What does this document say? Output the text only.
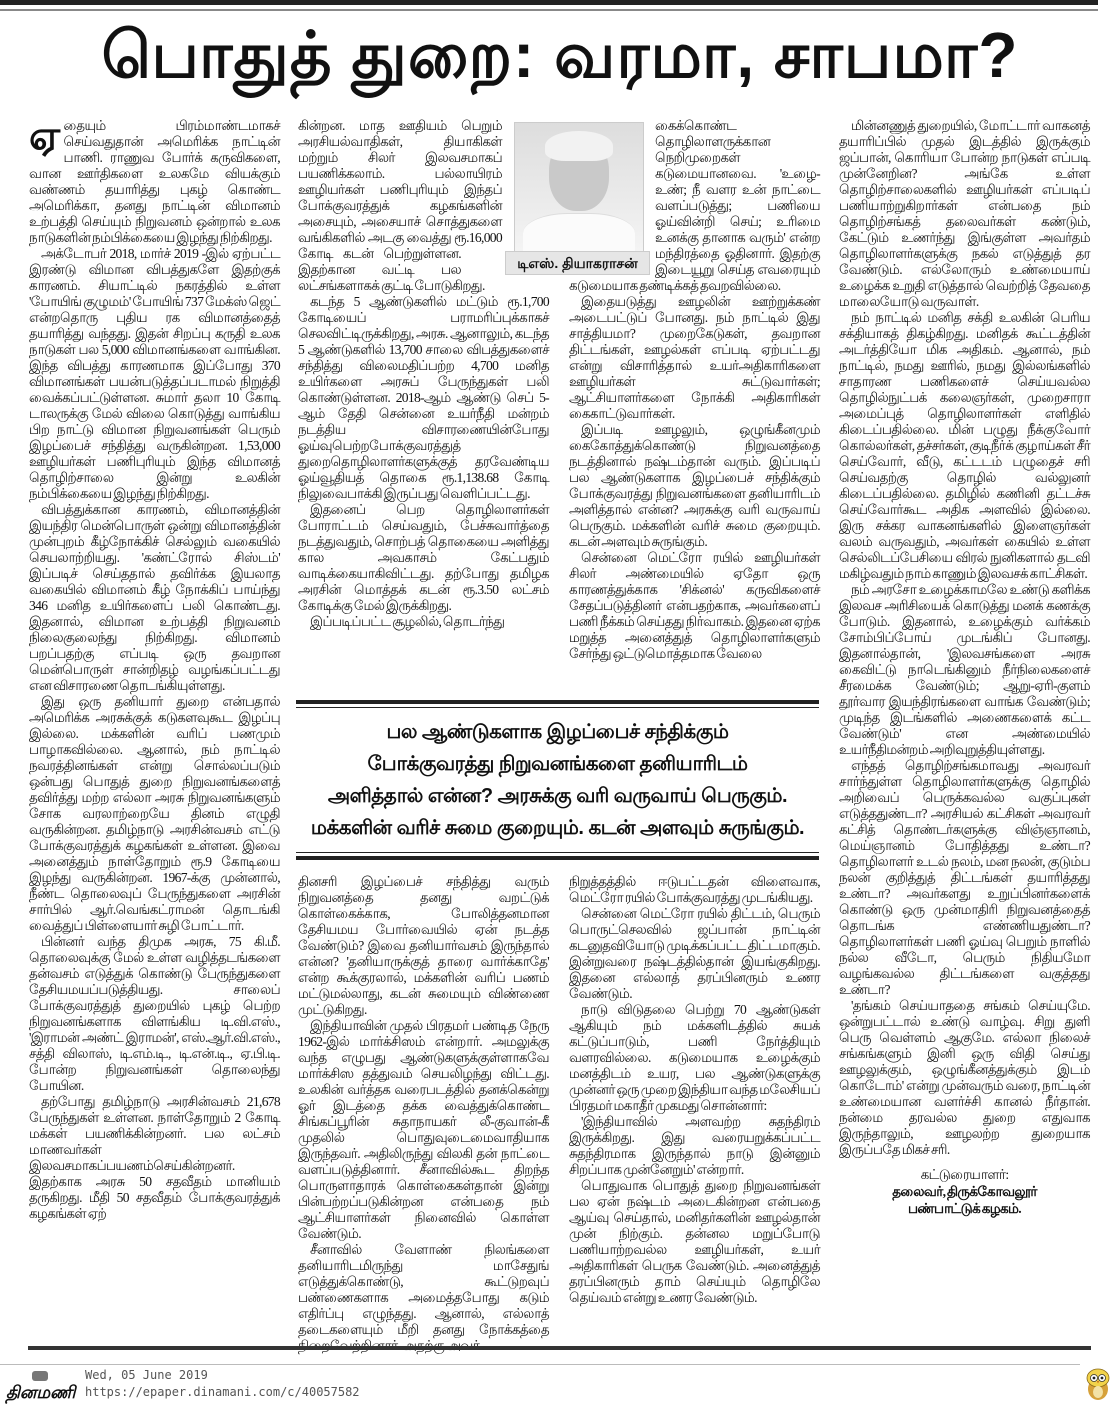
பொதுத் துறை: வரமா, சாபமா?

ஏதையும் பிரம்மாண்டமாகச் செய்வதுதான் அமெரிக்க நாட்டின் பாணி. ராணுவ போர்க் கருவிகளை, வான ஊர்திகளை உலகமே வியக்கும் வண்ணம் தயாரித்து புகழ் கொண்ட அமெரிக்கா, தனது நாட்டின் விமானம் உற்பத்தி செய்யும் நிறுவனம் ஒன்றால் உலக நாடுகளின் நம்பிக்கையை இழந்து நிற்கிறது.

அக்டோபர் 2018, மார்ச் 2019 -இல் ஏற்பட்ட இரண்டு விமான விபத்துகளே இதற்குக் காரணம். சியாட்டில் நகரத்தில் உள்ள 'போயிங் குழுமம்' போயிங் 737 மேக்ஸ் ஜெட் என்றதொரு புதிய ரக விமானத்தைத் தயாரித்து வந்தது. இதன் சிறப்பு கருதி உலக நாடுகள் பல 5,000 விமானங்களை வாங்கின. இந்த விபத்து காரணமாக இப்போது 370 விமானங்கள் பயன்படுத்தப்படாமல் நிறுத்தி வைக்கப்பட்டுள்ளன. சுமார் தலா 10 கோடி டாலருக்கு மேல் விலை கொடுத்து வாங்கிய பிற நாட்டு விமான நிறுவனங்கள் பெரும் இழப்பைச் சந்தித்து வருகின்றன. 1,53,000 ஊழியர்கள் பணிபுரியும் இந்த விமானத் தொழிற்சாலை இன்று உலகின் நம்பிக்கையை இழந்து நிற்கிறது.

விபத்துக்கான காரணம், விமானத்தின் இயந்திர மென்பொருள் ஒன்று விமானத்தின் முன்புறம் கீழ்நோக்கிச் செல்லும் வகையில் செயலாற்றியது. 'கண்ட்ரோல் சிஸ்டம்' இப்படிச் செய்ததால் தவிர்க்க இயலாத வகையில் விமானம் கீழ் நோக்கிப் பாய்ந்து 346 மனித உயிர்களைப் பலி கொண்டது. இதனால், விமான உற்பத்தி நிறுவனம் நிலைகுலைந்து நிற்கிறது. விமானம் பறப்பதற்கு எப்படி ஒரு தவறான மென்பொருள் சான்றிதழ் வழங்கப்பட்டது என விசாரணை தொடங்கியுள்ளது.

இது ஒரு தனியார் துறை என்பதால் அமெரிக்க அரசுக்குக் கடுகளவுகூட இழப்பு இல்லை. மக்களின் வரிப் பணமும் பாழாகவில்லை. ஆனால், நம் நாட்டில் நவரத்தினங்கள் என்று சொல்லப்படும் ஒன்பது பொதுத் துறை நிறுவனங்களைத் தவிர்த்து மற்ற எல்லா அரசு நிறுவனங்களும் சோக வரலாற்றையே தினம் எழுதி வருகின்றன. தமிழ்நாடு அரசின்வசம் எட்டு போக்குவரத்துக் கழகங்கள் உள்ளன. இவை அனைத்தும் நாள்தோறும் ரூ.9 கோடியை இழந்து வருகின்றன. 1967-க்கு முன்னால், நீண்ட தொலைவுப் பேருந்துகளை அரசின் சார்பில் ஆர்.வெங்கட்ராமன் தொடங்கி வைத்துப் பிள்ளையார் சுழி போட்டார்.

பின்னர் வந்த திமுக அரசு, 75 கி.மீ. தொலைவுக்கு மேல் உள்ள வழித்தடங்களை தன்வசம் எடுத்துக் கொண்டு பேருந்துகளை தேசியமயப்படுத்தியது. சாலைப் போக்குவரத்துத் துறையில் புகழ் பெற்ற நிறுவனங்களாக விளங்கிய டி.வி.எஸ்., 'இராமன் அண்ட் இராமன்', எஸ்.ஆர்.வி.எஸ்., சத்தி விலாஸ், டி.எம்.டி., டி.என்.டி., ஏ.பி.டி. போன்ற நிறுவனங்கள் தொலைந்து போயின.

தற்போது தமிழ்நாடு அரசின்வசம் 21,678 பேருந்துகள் உள்ளன. நாள்தோறும் 2 கோடி மக்கள் பயணிக்கின்றனர். பல லட்சம் மாணவர்கள் இலவசமாகப்பயணம்செய்கின்றனர். இதற்காக அரசு 50 சதவீதம் மானியம் தருகிறது. மீதி 50 சதவீதம் போக்குவரத்துக் கழகங்கள் ஏற்

கின்றன. மாத ஊதியம் பெறும் அரசியல்வாதிகள், தியாகிகள் மற்றும் சிலர் இலவசமாகப் பயணிக்கலாம். பல்லாயிரம் ஊழியர்கள் பணிபுரியும் இந்தப் போக்குவரத்துக் கழகங்களின் அசையும், அசையாச் சொத்துகளை வங்கிகளில் அடகு வைத்து ரூ.16,000 கோடி கடன் பெற்றுள்ளன. இதற்கான வட்டி பல லட்சங்களாகக் குட்டி போடுகிறது.

கடந்த 5 ஆண்டுகளில் மட்டும் ரூ.1,700 கோடியைப் பராமரிப்புக்காகச் செலவிட்டிருக்கிறது, அரசு. ஆனாலும், கடந்த 5 ஆண்டுகளில் 13,700 சாலை விபத்துகளைச் சந்தித்து விலைமதிப்பற்ற 4,700 மனித உயிர்களை அரசுப் பேருந்துகள் பலி கொண்டுள்ளன. 2018-ஆம் ஆண்டு செப் 5-ஆம் தேதி சென்னை உயர்நீதி மன்றம் நடத்திய விசாரணையின்போது ஓய்வுபெற்றபோக்குவரத்துத் துறைதொழிலாளர்களுக்குத் தரவேண்டிய ஓய்வூதியத் தொகை ரூ.1,138.68 கோடி நிலுவைபாக்கி இருப்பது வெளிப்பட்டது.

இதனைப் பெற தொழிலாளர்கள் போராட்டம் செய்வதும், பேச்சுவார்த்தை நடத்துவதும், சொற்பத் தொகையை அளித்து கால அவகாசம் கேட்பதும் வாடிக்கையாகிவிட்டது. தற்போது தமிழக அரசின் மொத்தக் கடன் ரூ.3.50 லட்சம் கோடிக்கு மேல் இருக்கிறது.

இப்படிப்பட்ட சூழலில், தொடர்ந்து

டிஎஸ். தியாகராசன்

கைக்கொண்ட தொழிலாளருக்கான நெறிமுறைகள் கடுமையானவை. 'உழை-உண்; நீ வளர உன் நாட்டை வளப்படுத்து; பணியை ஓய்வின்றி செய்; உரிமை உனக்கு தானாக வரும்' என்ற மந்திரத்தை ஓதினார். இதற்கு இடையூறு செய்த எவரையும் கடுமையாக தண்டிக்கத் தவறவில்லை.

இதையடுத்து ஊழலின் ஊற்றுக்கண் அடைபட்டுப் போனது. நம் நாட்டில் இது சாத்தியமா? முறைகேடுகள், தவறான திட்டங்கள், ஊழல்கள் எப்படி ஏற்பட்டது என்று விசாரித்தால் உயர்அதிகாரிகளை ஊழியர்கள் சுட்டுவார்கள்; ஆட்சியாளர்களை நோக்கி அதிகாரிகள் கைகாட்டுவார்கள்.

இப்படி ஊழலும், ஒழுங்கீனமும் கைகோத்துக்கொண்டு நிறுவனத்தை நடத்தினால் நஷ்டம்தான் வரும். இப்படிப் பல ஆண்டுகளாக இழப்பைச் சந்திக்கும் போக்குவரத்து நிறுவனங்களை தனியாரிடம் அளித்தால் என்ன? அரசுக்கு வரி வருவாய் பெருகும். மக்களின் வரிச் சுமை குறையும். கடன் அளவும் சுருங்கும்.

சென்னை மெட்ரோ ரயில் ஊழியர்கள் சிலர் அண்மையில் ஏதோ ஒரு காரணத்துக்காக 'சிக்னல்' கருவிகளைச் சேதப்படுத்தினர் என்பதற்காக, அவர்களைப் பணி நீக்கம் செய்தது நிர்வாகம். இதனை ஏற்க மறுத்த அனைத்துத் தொழிலாளர்களும் சேர்ந்து ஒட்டுமொத்தமாக வேலை

பல ஆண்டுகளாக இழப்பைச் சந்திக்கும்
போக்குவரத்து நிறுவனங்களை தனியாரிடம்
அளித்தால் என்ன? அரசுக்கு வரி வருவாய் பெருகும்.
மக்களின் வரிச் சுமை குறையும். கடன் அளவும் சுருங்கும்.

தினசரி இழப்பைச் சந்தித்து வரும் நிறுவனத்தை தனது வறட்டுக் கொள்கைக்காக, போலித்தனமான தேசியமய போர்வையில் ஏன் நடத்த வேண்டும்? இவை தனியார்வசம் இருந்தால் என்ன? 'தனியாருக்குத் தாரை வார்க்காதே' என்ற கூக்குரலால், மக்களின் வரிப் பணம் மட்டுமல்லாது, கடன் சுமையும் விண்ணை முட்டுகிறது.

இந்தியாவின் முதல் பிரதமர் பண்டித நேரு 1962-இல் மார்க்சிஸம் என்றார். அமலுக்கு வந்த எழுபது ஆண்டுகளுக்குள்ளாகவே மார்க்சிஸ தத்துவம் செயலிழந்து விட்டது. உலகின் வர்த்தக வரைபடத்தில் தனக்கென்று ஓர் இடத்தை தக்க வைத்துக்கொண்ட சிங்கப்பூரின் சுதாநாயகர் லீ-குவான்-கீ முதலில் பொதுவுடைமைவாதியாக இருந்தவர். அதிலிருந்து விலகி தன் நாட்டை வளப்படுத்தினார். சீனாவில்கூட திறந்த பொருளாதாரக் கொள்கைகள்தான் இன்று பின்பற்றப்படுகின்றன என்பதை நம் ஆட்சியாளர்கள் நினைவில் கொள்ள வேண்டும்.

சீனாவில் வேளாண் நிலங்களை தனியாரிடமிருந்து மாசேதுங் எடுத்துக்கொண்டு, கூட்டுறவுப் பண்ணைகளாக அமைத்தபோது கடும் எதிர்ப்பு எழுந்தது. ஆனால், எல்லாத் தடைகளையும் மீறி தனது நோக்கத்தை

நிறுத்தத்தில் ஈடுபட்டதன் விளைவாக, மெட்ரோ ரயில் போக்குவரத்து முடங்கியது.

சென்னை மெட்ரோ ரயில் திட்டம், பெரும் பொருட்செலவில் ஜப்பான் நாட்டின் கடனுதவியோடு முடிக்கப்பட்ட திட்டமாகும். இன்றுவரை நஷ்டத்தில்தான் இயங்குகிறது. இதனை எல்லாத் தரப்பினரும் உணர வேண்டும்.

நாடு விடுதலை பெற்று 70 ஆண்டுகள் ஆகியும் நம் மக்களிடத்தில் சுயக் கட்டுப்பாடும், பணி நேர்த்தியும் வளரவில்லை. கடுமையாக உழைக்கும் மனத்திடம் உயர, பல ஆண்டுகளுக்கு முன்னர் ஒரு முறை இந்தியா வந்த மலேசியப் பிரதமர் மகாதீர் முகமது சொன்னார்:

'இந்தியாவில் அளவற்ற சுதந்திரம் இருக்கிறது. இது வரையறுக்கப்பட்ட சுதந்திரமாக இருந்தால் நாடு இன்னும் சிறப்பாக முன்னேறும்' என்றார்.

பொதுவாக பொதுத் துறை நிறுவனங்கள் பல ஏன் நஷ்டம் அடைகின்றன என்பதை ஆய்வு செய்தால், மனிதர்களின் ஊழல்தான் முன் நிற்கும். தன்னல மறுப்போடு பணியாற்றவல்ல ஊழியர்கள், உயர் அதிகாரிகள் பெருக வேண்டும். அனைத்துத் தரப்பினரும் தாம் செய்யும் தொழிலே தெய்வம் என்று உணர வேண்டும்.

மின்னணுத் துறையில், மோட்டார் வாகனத் தயாரிப்பில் முதல் இடத்தில் இருக்கும் ஜப்பான், கொரியா போன்ற நாடுகள் எப்படி முன்னேறின? அங்கே உள்ள தொழிற்சாலைகளில் ஊழியர்கள் எப்படிப் பணியாற்றுகிறார்கள் என்பதை நம் தொழிற்சங்கத் தலைவர்கள் கண்டும், கேட்டும் உணர்ந்து இங்குள்ள அவர்தம் தொழிலாளர்களுக்கு நகல் எடுத்துத் தர வேண்டும். எல்லோரும் உண்மையாய் உழைக்க உறுதி எடுத்தால் வெற்றித் தேவதை மாலையோடு வருவாள்.

நம் நாட்டில் மனித சக்தி உலகின் பெரிய சக்தியாகத் திகழ்கிறது. மனிதக் கூட்டத்தின் அடர்த்தியோ மிக அதிகம். ஆனால், நம் நாட்டில், நமது ஊரில், நமது இல்லங்களில் சாதாரண பணிகளைச் செய்யவல்ல தொழில்நுட்பக் கலைஞர்கள், முறைசாரா அமைப்புத் தொழிலாளர்கள் எளிதில் கிடைப்பதில்லை. மின் பழுது நீக்குவோர் கொல்லர்கள், தச்சர்கள், குடிநீர்க் குழாய்கள் சீர் செய்வோர், வீடு, கட்டடம் பழுதைச் சரி செய்வதற்கு தொழில் வல்லுனர் கிடைப்பதில்லை. தமிழில் கணினி தட்டச்சு செய்வோர்கூட அதிக அளவில் இல்லை. இரு சக்கர வாகனங்களில் இளைஞர்கள் வலம் வருவதும், அவர்கள் கையில் உள்ள செல்லிடப்பேசியை விரல் நுனிகளால் தடவி மகிழ்வதும் நாம் காணும் இலவசக் காட்சிகள்.

நம் அரசோ உழைக்காமலே உண்டு களிக்க இலவச அரிசியைக் கொடுத்து மனக் கணக்கு போடும். இதனால், உழைக்கும் வர்க்கம் சோம்பிப்போய் முடங்கிப் போனது. இதனால்தான், 'இலவசங்களை அரசு கைவிட்டு நாடெங்கினும் நீர்நிலைகளைச் சீரமைக்க வேண்டும்; ஆறு-ஏரி-குளம் தூர்வார இயந்திரங்களை வாங்க வேண்டும்; முடிந்த இடங்களில் அணைகளைக் கட்ட வேண்டும்' என அண்மையில் உயர்நீதிமன்றம் அறிவுறுத்தியுள்ளது.

எந்தத் தொழிற்சங்கமாவது அவரவர் சார்ந்துள்ள தொழிலாளர்களுக்கு தொழில் அறிவைப் பெருக்கவல்ல வகுப்புகள் எடுத்ததுண்டா? அரசியல் கட்சிகள் அவரவர் கட்சித் தொண்டர்களுக்கு விஞ்ஞானம், மெய்ஞானம் போதித்தது உண்டா? தொழிலாளர் உடல் நலம், மன நலன், குடும்ப நலன் குறித்துத் திட்டங்கள் தயாரித்தது உண்டா? அவர்களது உறுப்பினர்களைக் கொண்டு ஒரு முன்மாதிரி நிறுவனத்தைத் தொடங்க எண்ணியதுண்டா? தொழிலாளர்கள் பணி ஓய்வு பெறும் நாளில் நல்ல வீடோ, பெரும் நிதியமோ வழங்கவல்ல திட்டங்களை வகுத்தது உண்டா?

'தங்கம் செய்யாததை சங்கம் செய்யுமே. ஒன்றுபட்டால் உண்டு வாழ்வு. சிறு துளி பெரு வெள்ளம் ஆகுமே. எல்லா நிலைச் சங்கங்களும் இனி ஒரு விதி செய்து ஊழலுக்கும், ஒழுங்கீனத்துக்கும் இடம் கொடோம்' என்று முன்வரும் வரை, நாட்டின் உண்மையான வளர்ச்சி கானல் நீர்தான். நன்மை தரவல்ல துறை எதுவாக இருந்தாலும், ஊழலற்ற துறையாக இருப்பதே மிகச் சரி.

கட்டுரையாளர்:
தலைவர், திருக்கோவலூர்
பண்பாட்டுக் கழகம்.
தினமணி
Wed, 05 June 2019
https://epaper.dinamani.com/c/40057582
